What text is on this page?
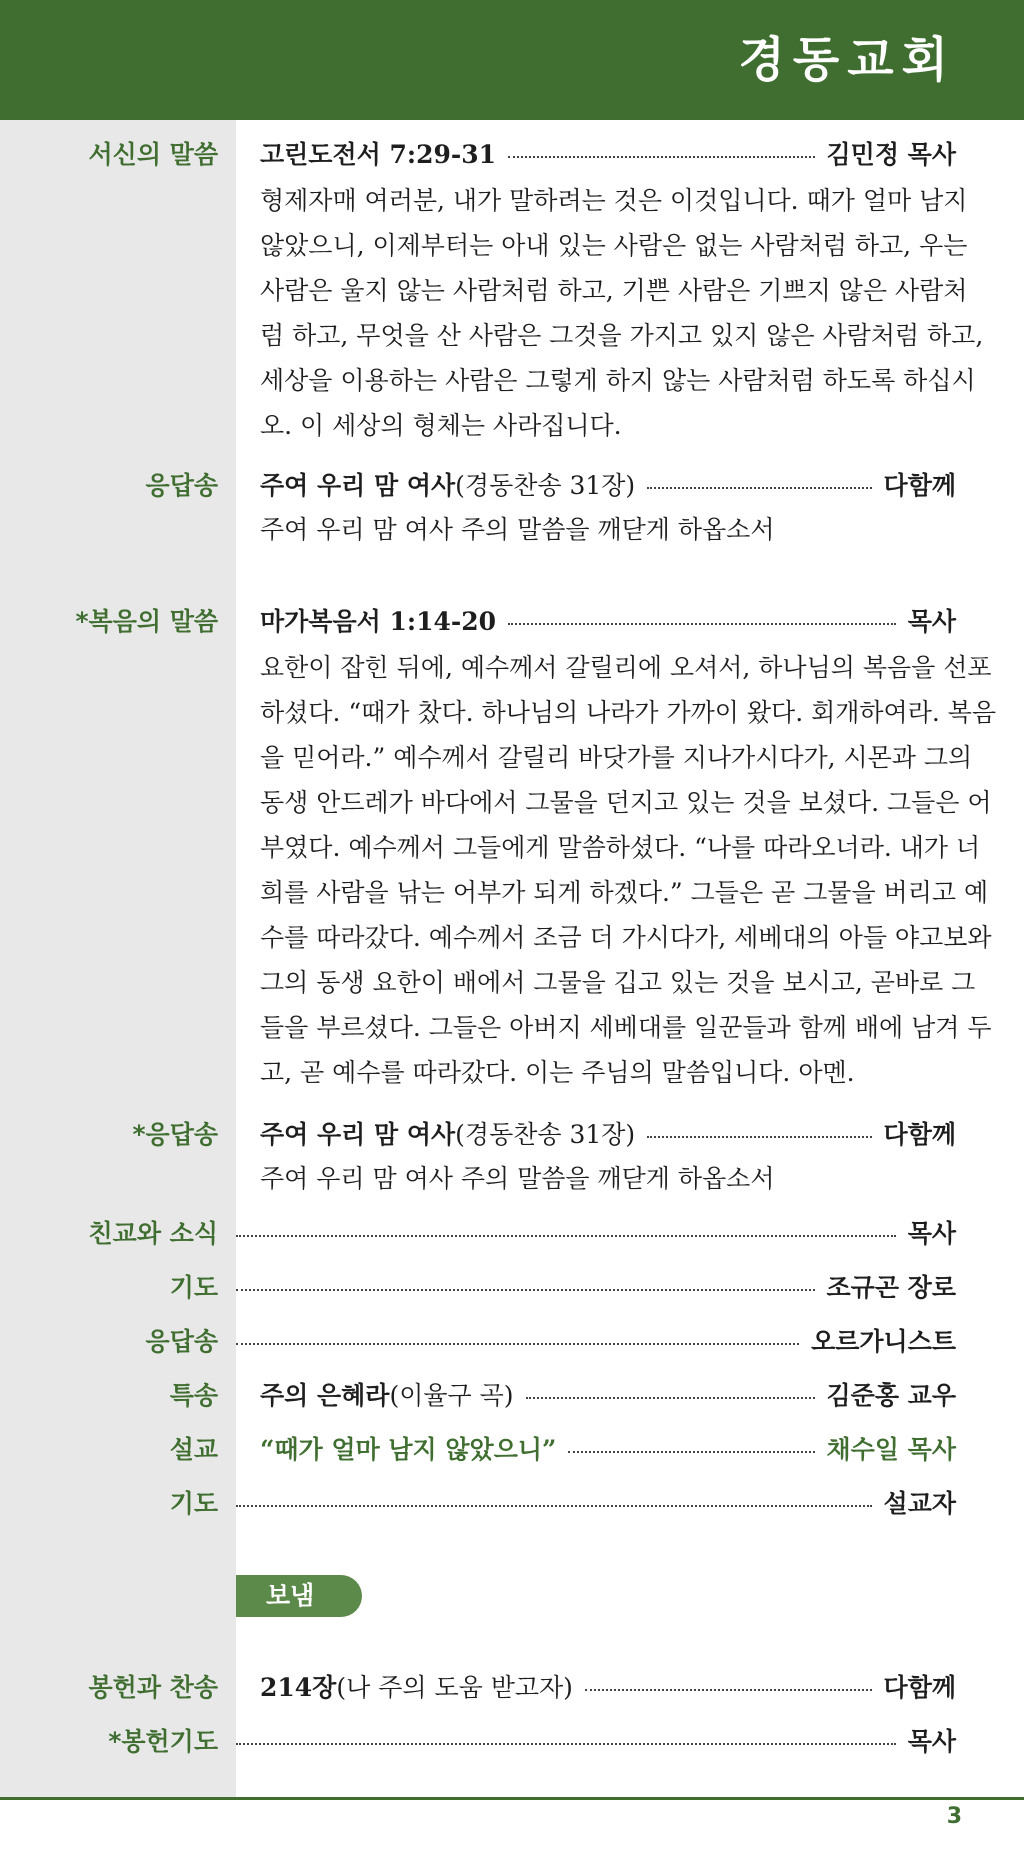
경동교회
서신의 말씀	고린도전서 7:29-31	김민정 목사
형제자매 여러분, 내가 말하려는 것은 이것입니다. 때가 얼마 남지
않았으니, 이제부터는 아내 있는 사람은 없는 사람처럼 하고, 우는
사람은 울지 않는 사람처럼 하고, 기쁜 사람은 기쁘지 않은 사람처
럼 하고, 무엇을 산 사람은 그것을 가지고 있지 않은 사람처럼 하고,
세상을 이용하는 사람은 그렇게 하지 않는 사람처럼 하도록 하십시
오. 이 세상의 형체는 사라집니다.
응답송	주여 우리 맘 여사(경동찬송 31장)	다함께
주여 우리 맘 여사 주의 말씀을 깨닫게 하옵소서
*복음의 말씀	마가복음서 1:14-20	목사
요한이 잡힌 뒤에, 예수께서 갈릴리에 오셔서, 하나님의 복음을 선포
하셨다. “때가 찼다. 하나님의 나라가 가까이 왔다. 회개하여라. 복음
을 믿어라.” 예수께서 갈릴리 바닷가를 지나가시다가, 시몬과 그의
동생 안드레가 바다에서 그물을 던지고 있는 것을 보셨다. 그들은 어
부였다. 예수께서 그들에게 말씀하셨다. “나를 따라오너라. 내가 너
희를 사람을 낚는 어부가 되게 하겠다.” 그들은 곧 그물을 버리고 예
수를 따라갔다. 예수께서 조금 더 가시다가, 세베대의 아들 야고보와
그의 동생 요한이 배에서 그물을 깁고 있는 것을 보시고, 곧바로 그
들을 부르셨다. 그들은 아버지 세베대를 일꾼들과 함께 배에 남겨 두
고, 곧 예수를 따라갔다. 이는 주님의 말씀입니다. 아멘.
*응답송	주여 우리 맘 여사(경동찬송 31장)	다함께
주여 우리 맘 여사 주의 말씀을 깨닫게 하옵소서
친교와 소식	목사
기도	조규곤 장로
응답송	오르가니스트
특송	주의 은혜라(이율구 곡)	김준홍 교우
설교	“때가 얼마 남지 않았으니”	채수일 목사
기도	설교자
보냄
봉헌과 찬송	214장(나 주의 도움 받고자)	다함께
*봉헌기도	목사
3
